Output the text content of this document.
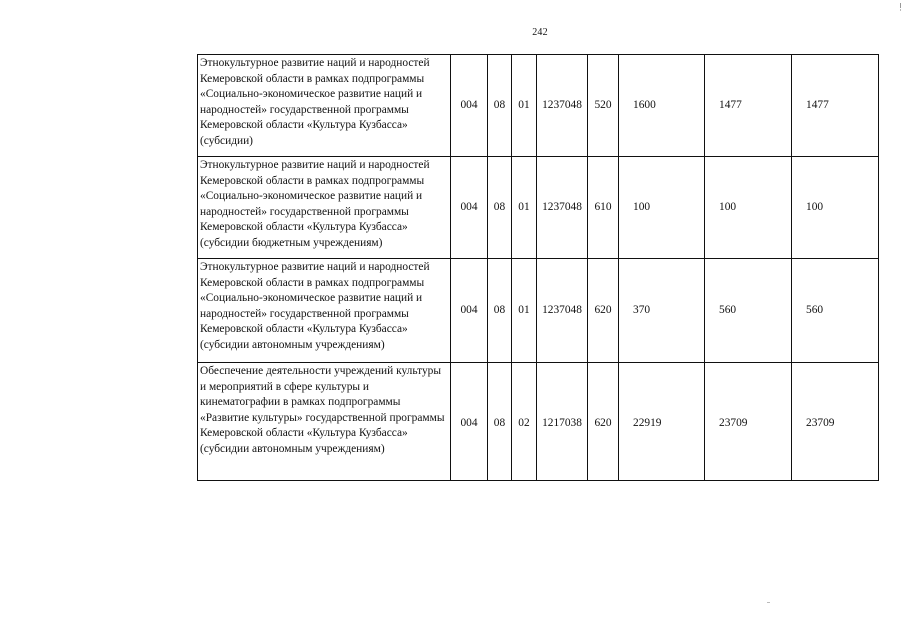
242
Этнокультурное развитие наций и народностей Кемеровской области в рамках подпрограммы «Социально-экономическое развитие наций и народностей» государственной программы Кемеровской области «Культура Кузбасса» (субсидии)	004	08	01	1237048	520	1600	1477	1477
Этнокультурное развитие наций и народностей Кемеровской области в рамках подпрограммы «Социально-экономическое развитие наций и народностей» государственной программы Кемеровской области «Культура Кузбасса» (субсидии бюджетным учреждениям)	004	08	01	1237048	610	100	100	100
Этнокультурное развитие наций и народностей Кемеровской области в рамках подпрограммы «Социально-экономическое развитие наций и народностей» государственной программы Кемеровской области «Культура Кузбасса» (субсидии автономным учреждениям)	004	08	01	1237048	620	370	560	560
Обеспечение деятельности учреждений культуры и мероприятий в сфере культуры и кинематографии в рамках подпрограммы «Развитие культуры» государственной программы Кемеровской области «Культура Кузбасса» (субсидии автономным учреждениям)	004	08	02	1217038	620	22919	23709	23709
